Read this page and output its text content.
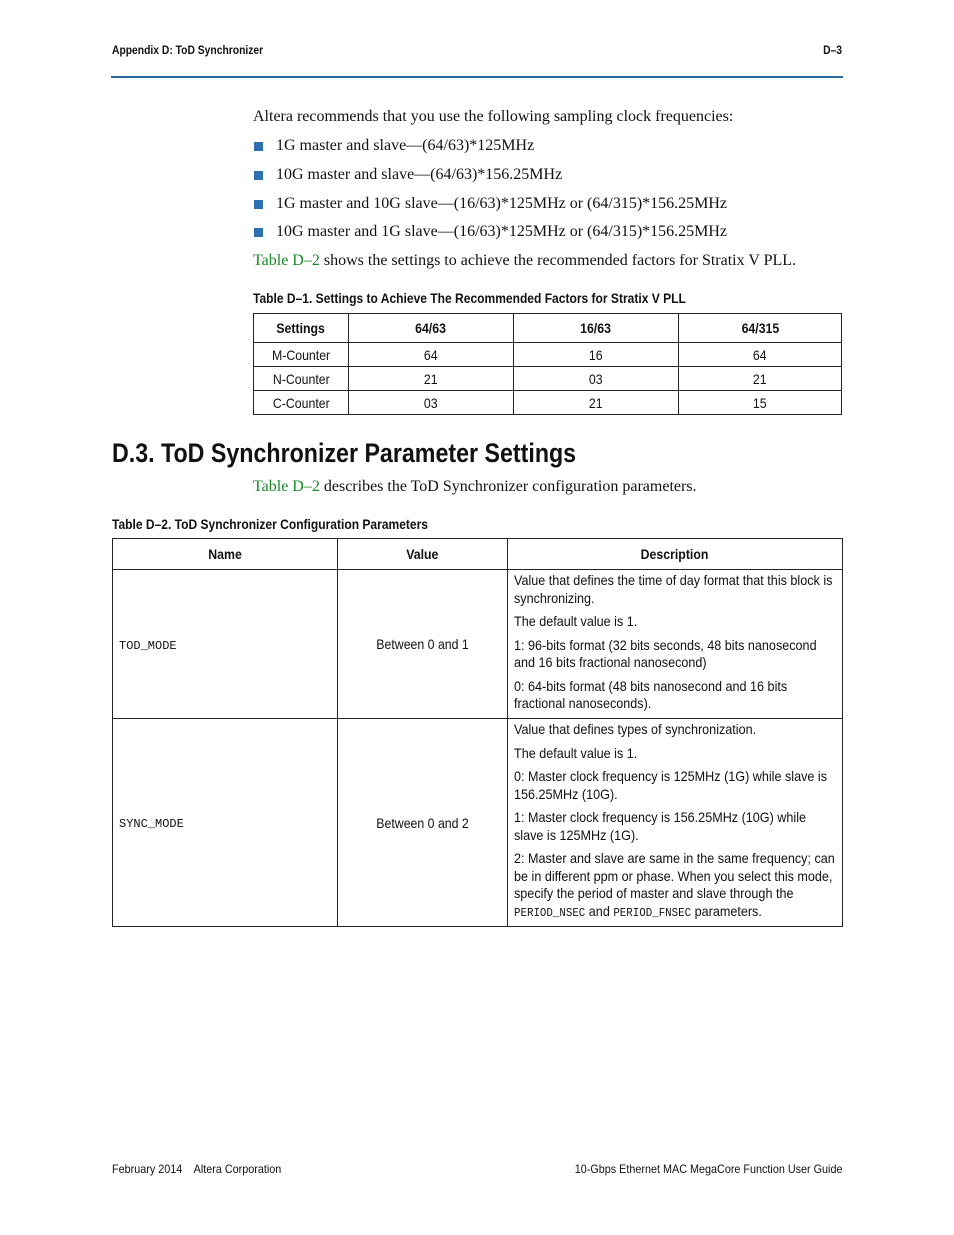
Appendix D: ToD Synchronizer	D–3
Altera recommends that you use the following sampling clock frequencies:
1G master and slave—(64/63)*125MHz
10G master and slave—(64/63)*156.25MHz
1G master and 10G slave—(16/63)*125MHz or (64/315)*156.25MHz
10G master and 1G slave—(16/63)*125MHz or (64/315)*156.25MHz
Table D–2 shows the settings to achieve the recommended factors for Stratix V PLL.
Table D–1. Settings to Achieve The Recommended Factors for Stratix V PLL
Settings	64/63	16/63	64/315
M-Counter	64	16	64
N-Counter	21	03	21
C-Counter	03	21	15
D.3. ToD Synchronizer Parameter Settings
Table D–2 describes the ToD Synchronizer configuration parameters.
Table D–2. ToD Synchronizer Configuration Parameters
Name	Value	Description
TOD_MODE	Between 0 and 1	Value that defines the time of day format that this block is synchronizing.

The default value is 1.

1: 96-bits format (32 bits seconds, 48 bits nanosecond and 16 bits fractional nanosecond)

0: 64-bits format (48 bits nanosecond and 16 bits fractional nanoseconds).

SYNC_MODE	Between 0 and 2	Value that defines types of synchronization.

The default value is 1.

0: Master clock frequency is 125MHz (1G) while slave is 156.25MHz (10G).

1: Master clock frequency is 156.25MHz (10G) while slave is 125MHz (1G).

2: Master and slave are same in the same frequency; can be in different ppm or phase. When you select this mode, specify the period of master and slave through the PERIOD_NSEC and PERIOD_FNSEC parameters.

February 2014    Altera Corporation	10-Gbps Ethernet MAC MegaCore Function User Guide
